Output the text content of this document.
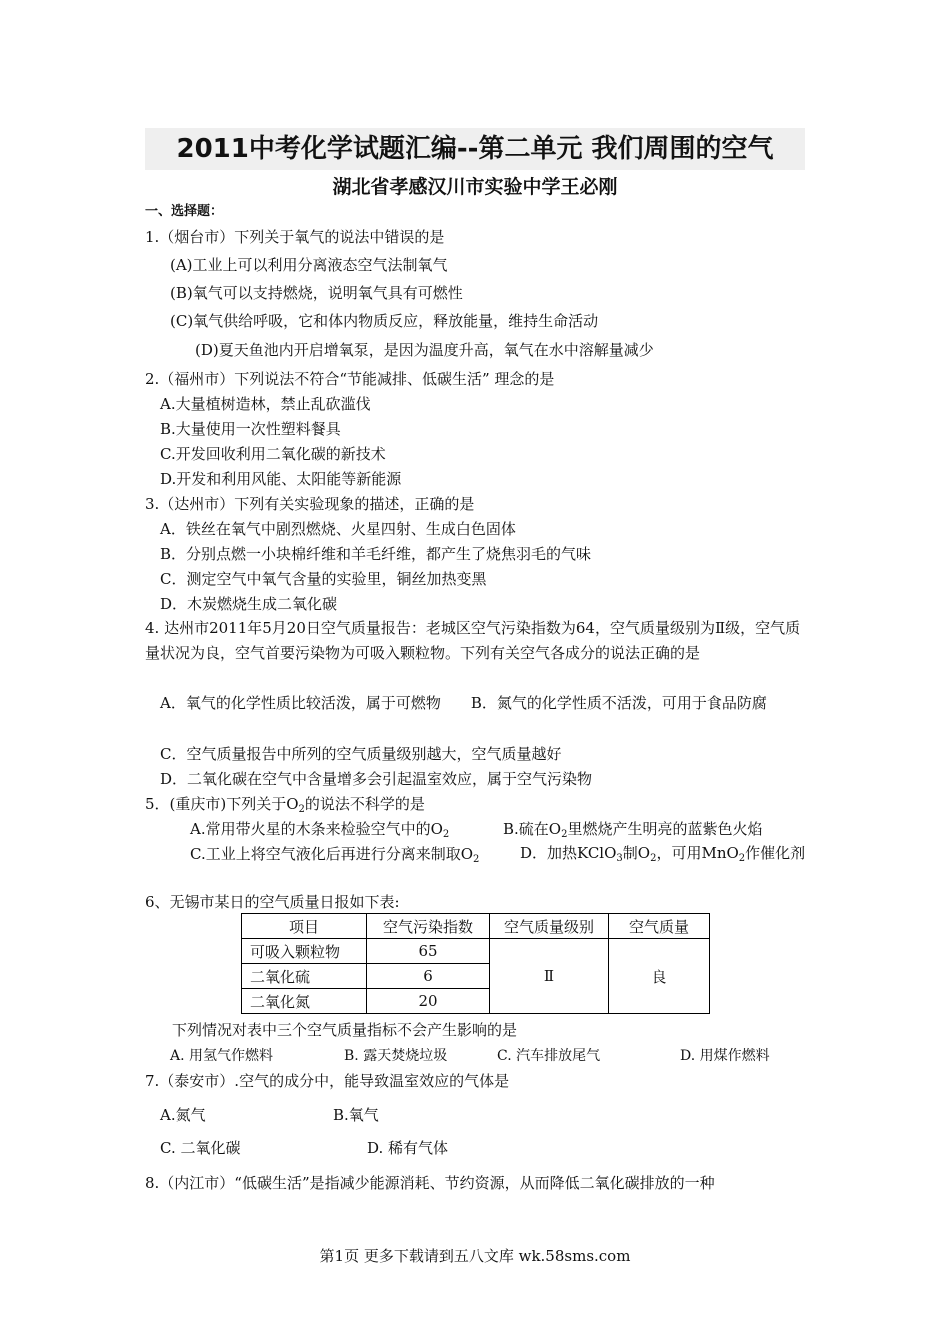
2011中考化学试题汇编--第二单元 我们周围的空气
湖北省孝感汉川市实验中学王必刚
一、选择题：
1.（烟台市）下列关于氧气的说法中错误的是
(A)工业上可以利用分离液态空气法制氧气
(B)氧气可以支持燃烧，说明氧气具有可燃性
(C)氧气供给呼吸，它和体内物质反应，释放能量，维持生命活动
(D)夏天鱼池内开启增氧泵，是因为温度升高，氧气在水中溶解量减少
2.（福州市）下列说法不符合“节能减排、低碳生活” 理念的是
A.大量植树造林，禁止乱砍滥伐
B.大量使用一次性塑料餐具
C.开发回收利用二氧化碳的新技术
D.开发和利用风能、太阳能等新能源
3.（达州市）下列有关实验现象的描述，正确的是
A．铁丝在氧气中剧烈燃烧、火星四射、生成白色固体
B．分别点燃一小块棉纤维和羊毛纤维，都产生了烧焦羽毛的气味
C．测定空气中氧气含量的实验里，铜丝加热变黑
D．木炭燃烧生成二氧化碳
4. 达州市2011年5月20日空气质量报告：老城区空气污染指数为64，空气质量级别为Ⅱ级，空气质量状况为良，空气首要污染物为可吸入颗粒物。下列有关空气各成分的说法正确的是
A．氧气的化学性质比较活泼，属于可燃物 B．氮气的化学性质不活泼，可用于食品防腐
C．空气质量报告中所列的空气质量级别越大，空气质量越好
D．二氧化碳在空气中含量增多会引起温室效应，属于空气污染物
5．(重庆市)下列关于$O_2$的说法不科学的是
A.常用带火星的木条来检验空气中的$O_2$	B.硫在$O_2$里燃烧产生明亮的蓝紫色火焰
C.工业上将空气液化后再进行分离来制取$O_2$	D．加热KClO$_3$制$O_2$，可用MnO$_2$作催化剂
6、无锡市某日的空气质量日报如下表:
项目	空气污染指数	空气质量级别	空气质量
可吸入颗粒物	65	Ⅱ	良
二氧化硫	6		
二氧化氮	20		
下列情况对表中三个空气质量指标不会产生影响的是
A. 用氢气作燃料	B. 露天焚烧垃圾	C. 汽车排放尾气	D. 用煤作燃料
7.（泰安市）.空气的成分中，能导致温室效应的气体是
A.氮气	B.氧气
C. 二氧化碳	D. 稀有气体
8.（内江市）“低碳生活”是指减少能源消耗、节约资源，从而降低二氧化碳排放的一种
第1页 更多下载请到五八文库 wk.58sms.com
